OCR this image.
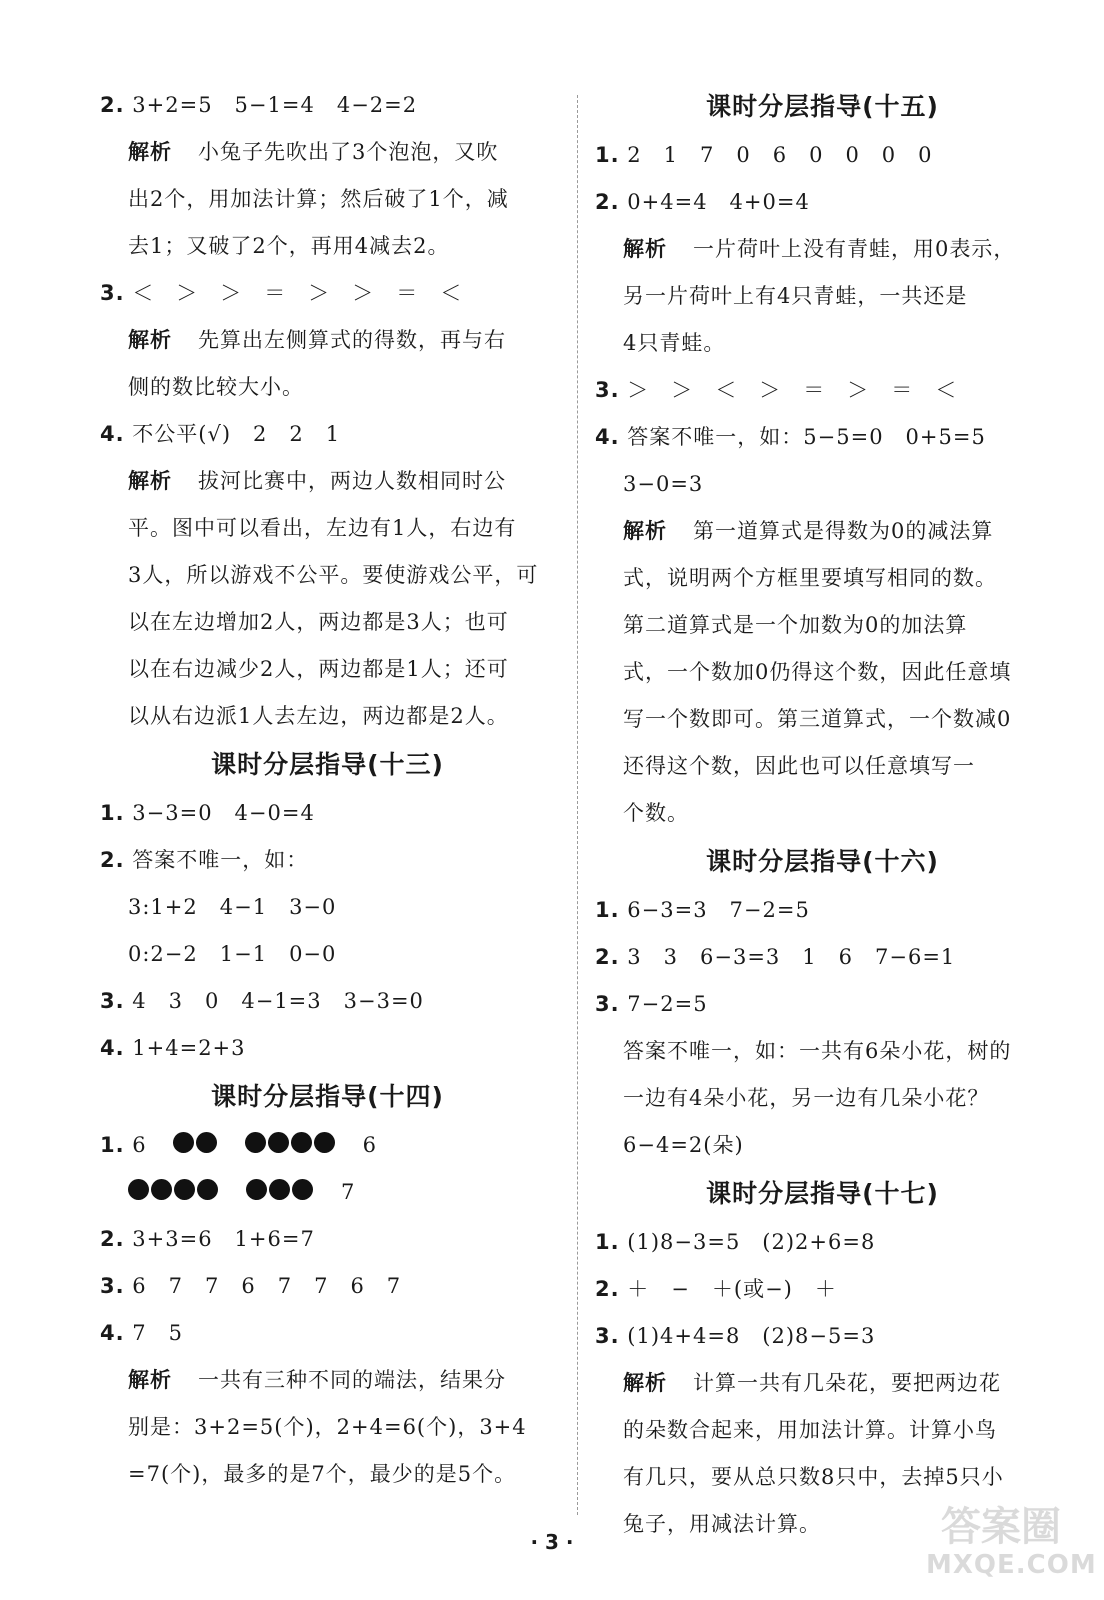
2. 3+2=5　5−1=4　4−2=2
解析 小兔子先吹出了3个泡泡，又吹
出2个，用加法计算；然后破了1个，减
去1；又破了2个，再用4减去2。
3. ＜　＞　＞　＝　＞　＞　＝　＜
解析 先算出左侧算式的得数，再与右
侧的数比较大小。
4. 不公平(√)　2　2　1
解析 拔河比赛中，两边人数相同时公
平。图中可以看出，左边有1人，右边有
3人，所以游戏不公平。要使游戏公平，可
以在左边增加2人，两边都是3人；也可
以在右边减少2人，两边都是1人；还可
以从右边派1人去左边，两边都是2人。
课时分层指导(十三)
1. 3−3=0　4−0=4
2. 答案不唯一，如：
3:1+2　4−1　3−0
0:2−2　1−1　0−0
3. 4　3　0　4−1=3　3−3=0
4. 1+4=2+3
课时分层指导(十四)
1. 6	6
7
2. 3+3=6　1+6=7
3. 6　7　7　6　7　7　6　7
4. 7　5
解析 一共有三种不同的端法，结果分
别是：3+2=5(个)，2+4=6(个)，3+4
=7(个)，最多的是7个，最少的是5个。
课时分层指导(十五)
1. 2　1　7　0　6　0　0　0　0
2. 0+4=4　4+0=4
解析 一片荷叶上没有青蛙，用0表示，
另一片荷叶上有4只青蛙，一共还是
4只青蛙。
3. ＞　＞　＜　＞　＝　＞　＝　＜
4. 答案不唯一，如：5−5=0　0+5=5
3−0=3
解析 第一道算式是得数为0的减法算
式，说明两个方框里要填写相同的数。
第二道算式是一个加数为0的加法算
式，一个数加0仍得这个数，因此任意填
写一个数即可。第三道算式，一个数减0
还得这个数，因此也可以任意填写一
个数。
课时分层指导(十六)
1. 6−3=3　7−2=5
2. 3　3　6−3=3　1　6　7−6=1
3. 7−2=5
答案不唯一，如：一共有6朵小花，树的
一边有4朵小花，另一边有几朵小花？
6−4=2(朵)
课时分层指导(十七)
1. (1)8−3=5　(2)2+6=8
2. ＋　−　＋(或−)　＋
3. (1)4+4=8　(2)8−5=3
解析 计算一共有几朵花，要把两边花
的朵数合起来，用加法计算。计算小鸟
有几只，要从总只数8只中，去掉5只小
兔子，用减法计算。
· 3 ·	答案圈
MXQE.COM
